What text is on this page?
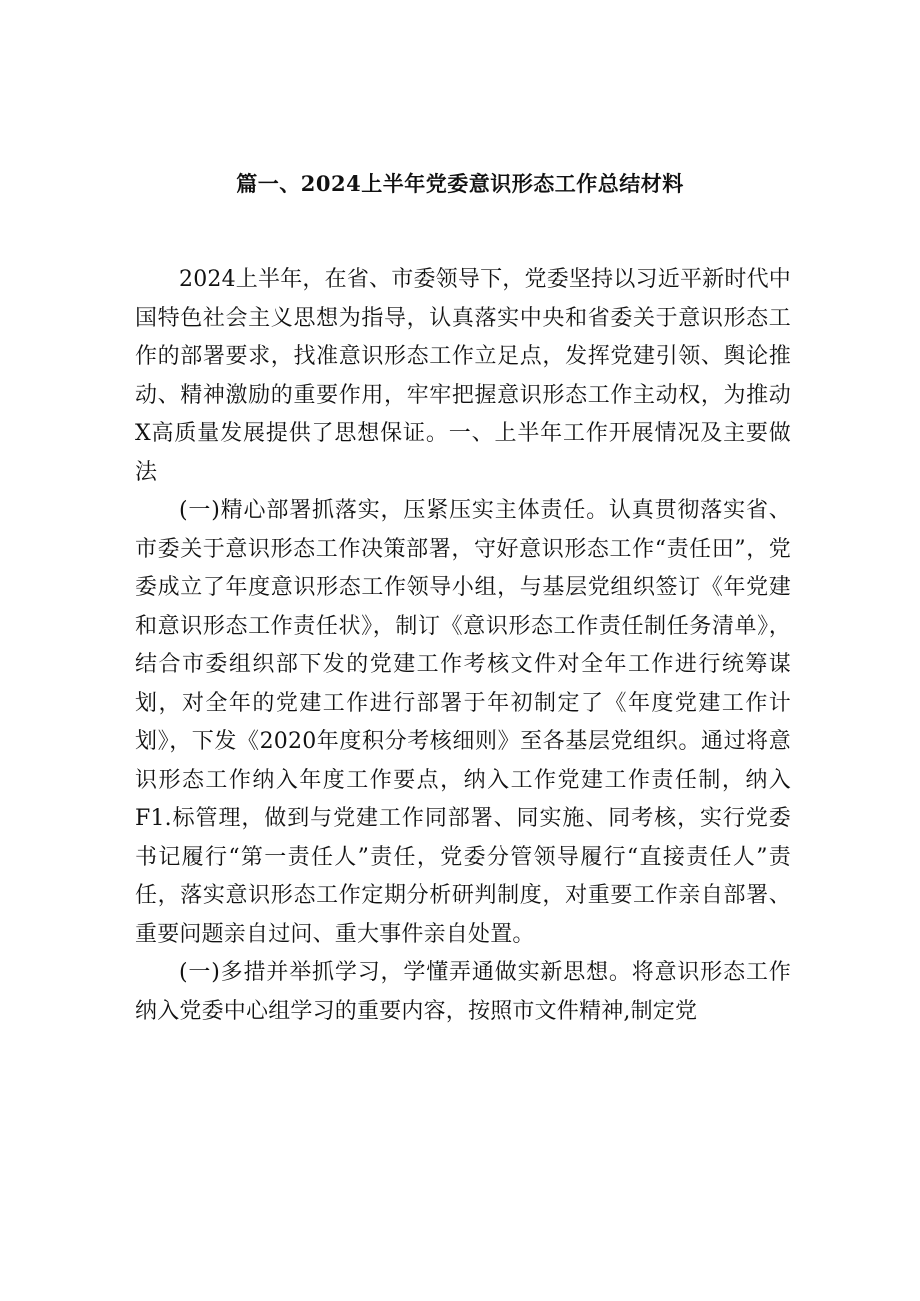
篇一、2024上半年党委意识形态工作总结材料

2024上半年，在省、市委领导下，党委坚持以习近平新时代中国特色社会主义思想为指导，认真落实中央和省委关于意识形态工作的部署要求，找准意识形态工作立足点，发挥党建引领、舆论推动、精神激励的重要作用，牢牢把握意识形态工作主动权，为推动X高质量发展提供了思想保证。一、上半年工作开展情况及主要做法

(一)精心部署抓落实，压紧压实主体责任。认真贯彻落实省、市委关于意识形态工作决策部署，守好意识形态工作“责任田”，党委成立了年度意识形态工作领导小组，与基层党组织签订《年党建和意识形态工作责任状》，制订《意识形态工作责任制任务清单》，结合市委组织部下发的党建工作考核文件对全年工作进行统筹谋划，对全年的党建工作进行部署于年初制定了《年度党建工作计划》，下发《2020年度积分考核细则》至各基层党组织。通过将意识形态工作纳入年度工作要点，纳入工作党建工作责任制，纳入F1.标管理，做到与党建工作同部署、同实施、同考核，实行党委书记履行“第一责任人”责任，党委分管领导履行“直接责任人”责任，落实意识形态工作定期分析研判制度，对重要工作亲自部署、重要问题亲自过问、重大事件亲自处置。

(一)多措并举抓学习，学懂弄通做实新思想。将意识形态工作纳入党委中心组学习的重要内容，按照市文件精神,制定党
